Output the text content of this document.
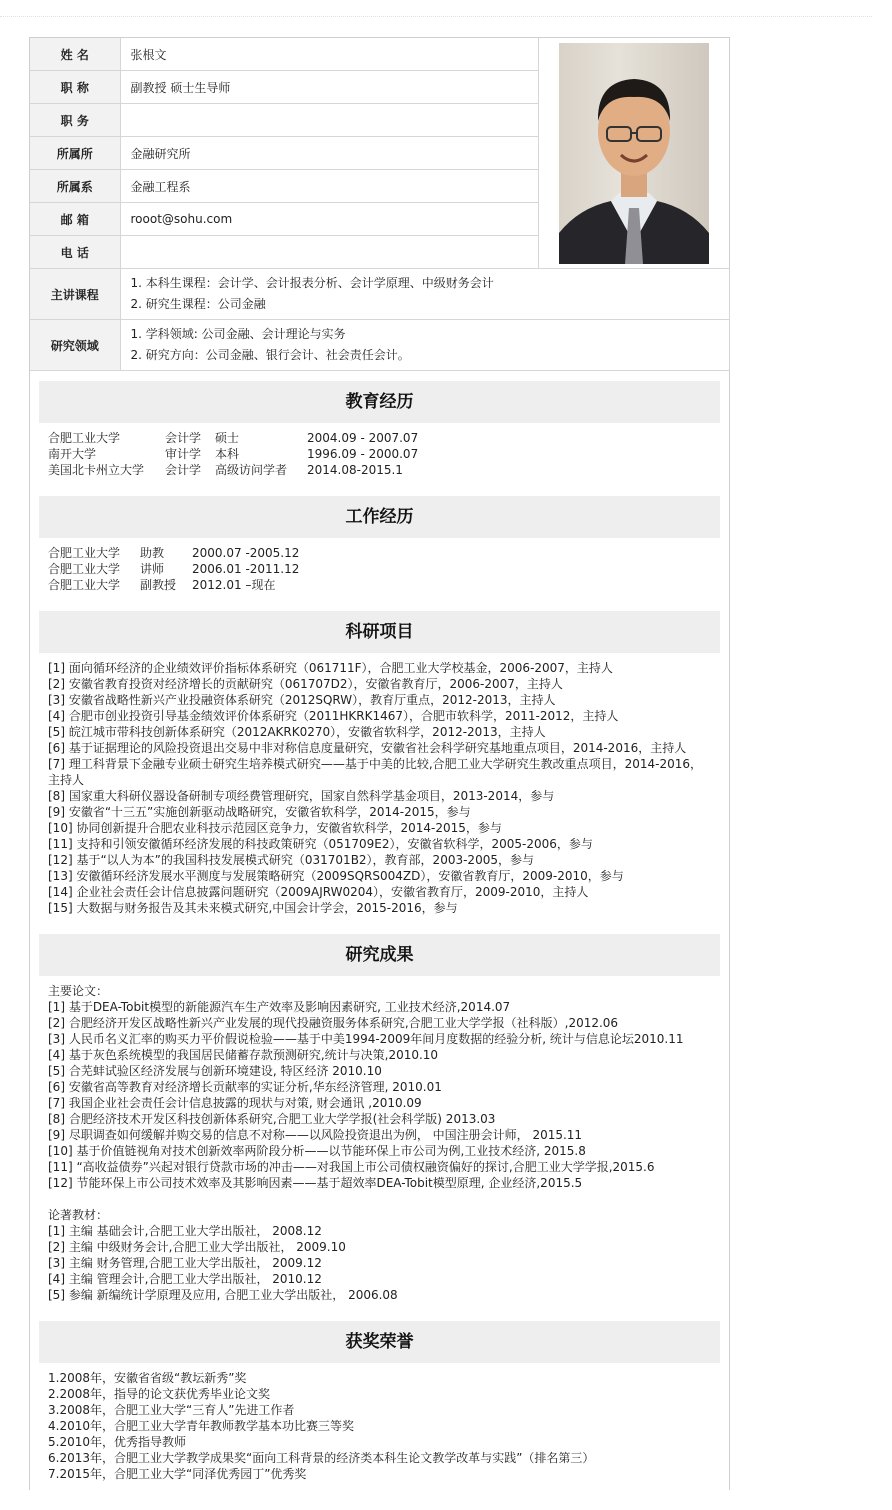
姓 名	张根文	

职 称	副教授 硕士生导师	
职 务		
所属所	金融研究所	
所属系	金融工程系	
邮 箱	rooot@sohu.com	
电 话		
主讲课程	1. 本科生课程：会计学、会计报表分析、会计学原理、中级财务会计
2. 研究生课程：公司金融	

研究领域	1. 学科领域: 公司金融、会计理论与实务
2. 研究方向：公司金融、银行会计、社会责任会计。	
教育经历
合肥工业大学	会计学	硕士	2004.09 - 2007.07
南开大学	审计学	本科	1996.09 - 2000.07
美国北卡州立大学	会计学	高级访问学者	2014.08-2015.1
工作经历
合肥工业大学	助教	2000.07 -2005.12
合肥工业大学	讲师	2006.01 -2011.12
合肥工业大学	副教授	2012.01 –现在
科研项目
[1] 面向循环经济的企业绩效评价指标体系研究（061711F），合肥工业大学校基金，2006-2007，主持人
[2] 安徽省教育投资对经济增长的贡献研究（061707D2），安徽省教育厅，2006-2007，主持人
[3] 安徽省战略性新兴产业投融资体系研究（2012SQRW），教育厅重点，2012-2013，主持人
[4] 合肥市创业投资引导基金绩效评价体系研究（2011HKRK1467），合肥市软科学，2011-2012，主持人
[5] 皖江城市带科技创新体系研究（2012AKRK0270），安徽省软科学，2012-2013，主持人
[6] 基于证据理论的风险投资退出交易中非对称信息度量研究，安徽省社会科学研究基地重点项目，2014-2016，主持人
[7] 理工科背景下金融专业硕士研究生培养模式研究——基于中美的比较,合肥工业大学研究生教改重点项目，2014-2016，主持人
[8] 国家重大科研仪器设备研制专项经费管理研究，国家自然科学基金项目，2013-2014，参与
[9] 安徽省“十三五”实施创新驱动战略研究，安徽省软科学，2014-2015，参与
[10] 协同创新提升合肥农业科技示范园区竞争力，安徽省软科学，2014-2015，参与
[11] 支持和引领安徽循环经济发展的科技政策研究（051709E2），安徽省软科学，2005-2006，参与
[12] 基于“以人为本”的我国科技发展模式研究（031701B2），教育部，2003-2005，参与
[13] 安徽循环经济发展水平测度与发展策略研究（2009SQRS004ZD），安徽省教育厅，2009-2010，参与
[14] 企业社会责任会计信息披露问题研究（2009AJRW0204），安徽省教育厅，2009-2010，主持人
[15] 大数据与财务报告及其未来模式研究,中国会计学会，2015-2016，参与
研究成果
主要论文：
[1] 基于DEA-Tobit模型的新能源汽车生产效率及影响因素研究, 工业技术经济,2014.07
[2] 合肥经济开发区战略性新兴产业发展的现代投融资服务体系研究,合肥工业大学学报（社科版）,2012.06
[3] 人民币名义汇率的购买力平价假说检验——基于中美1994-2009年间月度数据的经验分析, 统计与信息论坛2010.11
[4] 基于灰色系统模型的我国居民储蓄存款预测研究,统计与决策,2010.10
[5] 合芜蚌试验区经济发展与创新环境建设, 特区经济 2010.10
[6] 安徽省高等教育对经济增长贡献率的实证分析,华东经济管理, 2010.01
[7] 我国企业社会责任会计信息披露的现状与对策, 财会通讯 ,2010.09
[8] 合肥经济技术开发区科技创新体系研究,合肥工业大学学报(社会科学版) 2013.03
[9] 尽职调查如何缓解并购交易的信息不对称——以风险投资退出为例， 中国注册会计师， 2015.11
[10] 基于价值链视角对技术创新效率两阶段分析——以节能环保上市公司为例,工业技术经济, 2015.8
[11] “高收益债券”兴起对银行贷款市场的冲击——对我国上市公司债权融资偏好的探讨,合肥工业大学学报,2015.6
[12] 节能环保上市公司技术效率及其影响因素——基于超效率DEA-Tobit模型原理, 企业经济,2015.5
论著教材：
[1] 主编 基础会计,合肥工业大学出版社， 2008.12
[2] 主编 中级财务会计,合肥工业大学出版社， 2009.10
[3] 主编 财务管理,合肥工业大学出版社， 2009.12
[4] 主编 管理会计,合肥工业大学出版社， 2010.12
[5] 参编 新编统计学原理及应用, 合肥工业大学出版社， 2006.08
获奖荣誉
1.2008年，安徽省省级“教坛新秀”奖
2.2008年，指导的论文获优秀毕业论文奖
3.2008年，合肥工业大学“三育人”先进工作者
4.2010年，合肥工业大学青年教师教学基本功比赛三等奖
5.2010年，优秀指导教师
6.2013年，合肥工业大学教学成果奖“面向工科背景的经济类本科生论文教学改革与实践”（排名第三）
7.2015年，合肥工业大学“同泽优秀园丁”优秀奖
